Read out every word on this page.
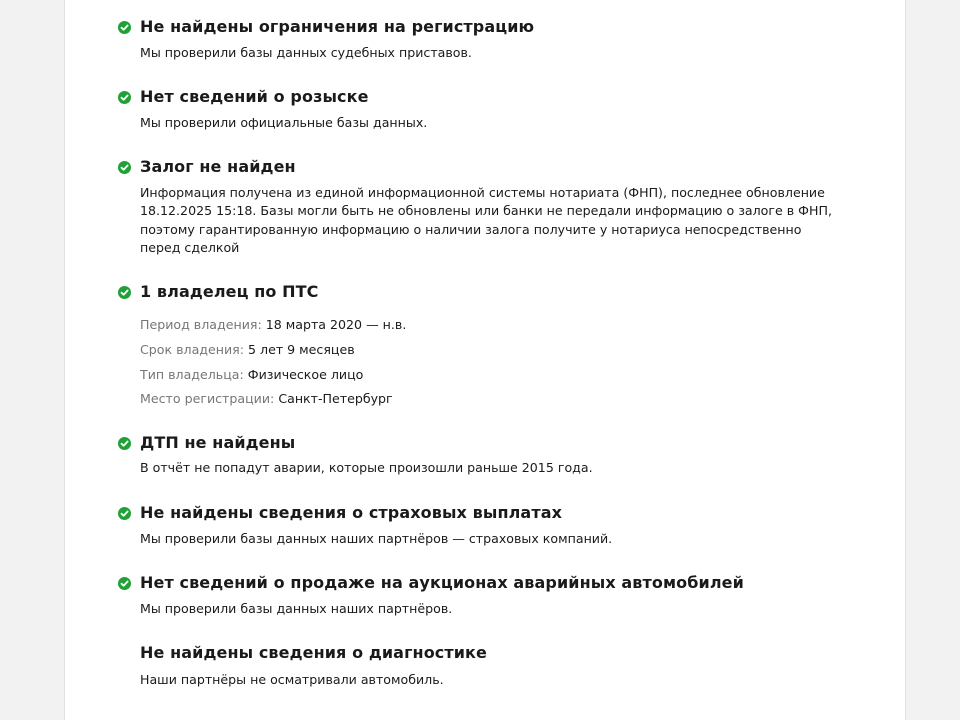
Не найдены ограничения на регистрацию
Мы проверили базы данных судебных приставов.
Нет сведений о розыске
Мы проверили официальные базы данных.
Залог не найден
Информация получена из единой информационной системы нотариата (ФНП), последнее обновление 18.12.2025 15:18. Базы могли быть не обновлены или банки не передали информацию о залоге в ФНП, поэтому гарантированную информацию о наличии залога получите у нотариуса непосредственно перед сделкой
1 владелец по ПТС
Период владения: 18 марта 2020 — н.в.
Срок владения: 5 лет 9 месяцев
Тип владельца: Физическое лицо
Место регистрации: Санкт-Петербург
ДТП не найдены
В отчёт не попадут аварии, которые произошли раньше 2015 года.
Не найдены сведения о страховых выплатах
Мы проверили базы данных наших партнёров — страховых компаний.
Нет сведений о продаже на аукционах аварийных автомобилей
Мы проверили базы данных наших партнёров.
Не найдены сведения о диагностике
Наши партнёры не осматривали автомобиль.
